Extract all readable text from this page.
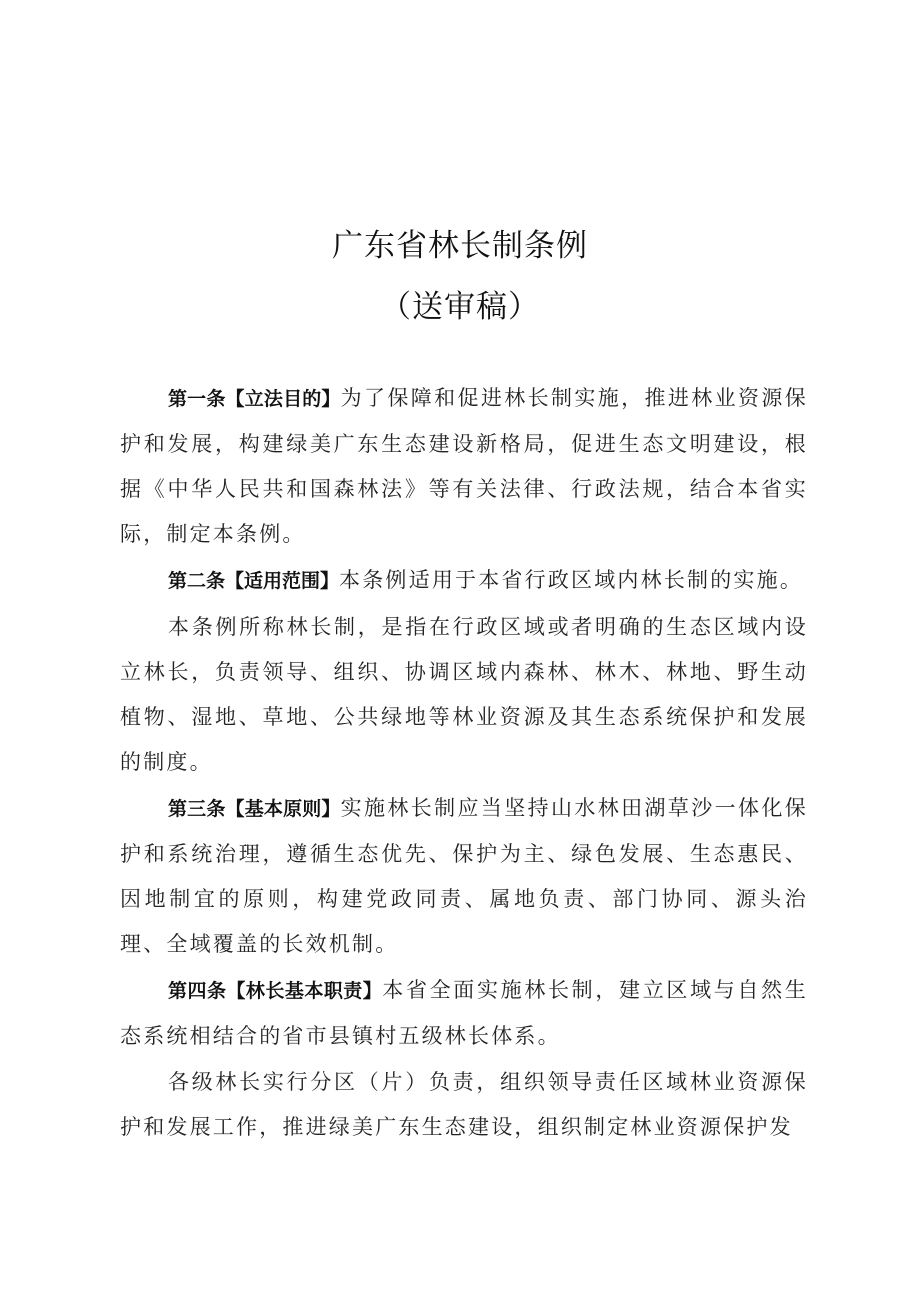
广东省林长制条例
（送审稿）

第一条【立法目的】为了保障和促进林长制实施，推进林业资源保护和发展，构建绿美广东生态建设新格局，促进生态文明建设，根据《中华人民共和国森林法》等有关法律、行政法规，结合本省实际，制定本条例。

第二条【适用范围】本条例适用于本省行政区域内林长制的实施。

本条例所称林长制，是指在行政区域或者明确的生态区域内设立林长，负责领导、组织、协调区域内森林、林木、林地、野生动植物、湿地、草地、公共绿地等林业资源及其生态系统保护和发展的制度。

第三条【基本原则】实施林长制应当坚持山水林田湖草沙一体化保护和系统治理，遵循生态优先、保护为主、绿色发展、生态惠民、因地制宜的原则，构建党政同责、属地负责、部门协同、源头治理、全域覆盖的长效机制。

第四条【林长基本职责】本省全面实施林长制，建立区域与自然生态系统相结合的省市县镇村五级林长体系。

各级林长实行分区（片）负责，组织领导责任区域林业资源保护和发展工作，推进绿美广东生态建设，组织制定林业资源保护发
